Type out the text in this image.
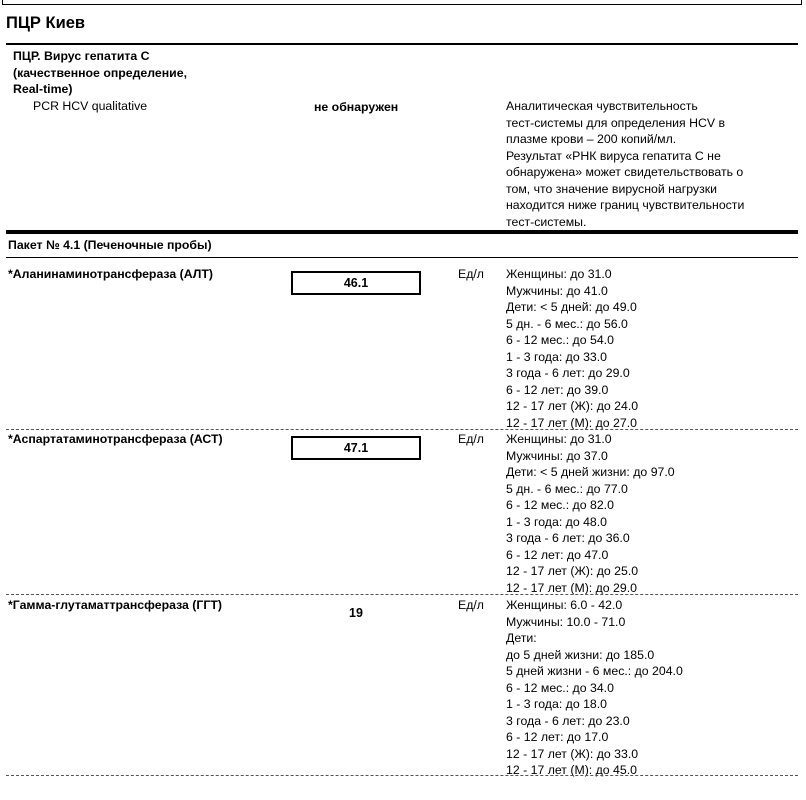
ПЦР Киев
ПЦР. Вирус гепатита С
(качественное определение,
Real-time)
PCR HCV qualitative	не обнаружен	Аналитическая чувствительность
тест-системы для определения HCV в
плазме крови – 200 копий/мл.
Результат «РНК вируса гепатита С не
обнаружена» может свидетельствовать о
том, что значение вирусной нагрузки
находится ниже границ чувствительности
тест-системы.
Пакет № 4.1 (Печеночные пробы)
*Аланинаминотрансфераза (АЛТ)
46.1
Ед/л Женщины: до 31.0
Мужчины: до 41.0
Дети: < 5 дней: до 49.0
5 дн. - 6 мес.: до 56.0
6 - 12 мес.: до 54.0
1 - 3 года: до 33.0
3 года - 6 лет: до 29.0
6 - 12 лет: до 39.0
12 - 17 лет (Ж): до 24.0
12 - 17 лет (М): до 27.0
*Аспартатаминотрансфераза (АСТ)
47.1
Ед/л Женщины: до 31.0
Мужчины: до 37.0
Дети: < 5 дней жизни: до 97.0
5 дн. - 6 мес.: до 77.0
6 - 12 мес.: до 82.0
1 - 3 года: до 48.0
3 года - 6 лет: до 36.0
6 - 12 лет: до 47.0
12 - 17 лет (Ж): до 25.0
12 - 17 лет (М): до 29.0
*Гамма-глутаматтрансфераза (ГГТ)
19
Ед/л Женщины: 6.0 - 42.0
Мужчины: 10.0 - 71.0
Дети:
до 5 дней жизни: до 185.0
5 дней жизни - 6 мес.: до 204.0
6 - 12 мес.: до 34.0
1 - 3 года: до 18.0
3 года - 6 лет: до 23.0
6 - 12 лет: до 17.0
12 - 17 лет (Ж): до 33.0
12 - 17 лет (М): до 45.0
